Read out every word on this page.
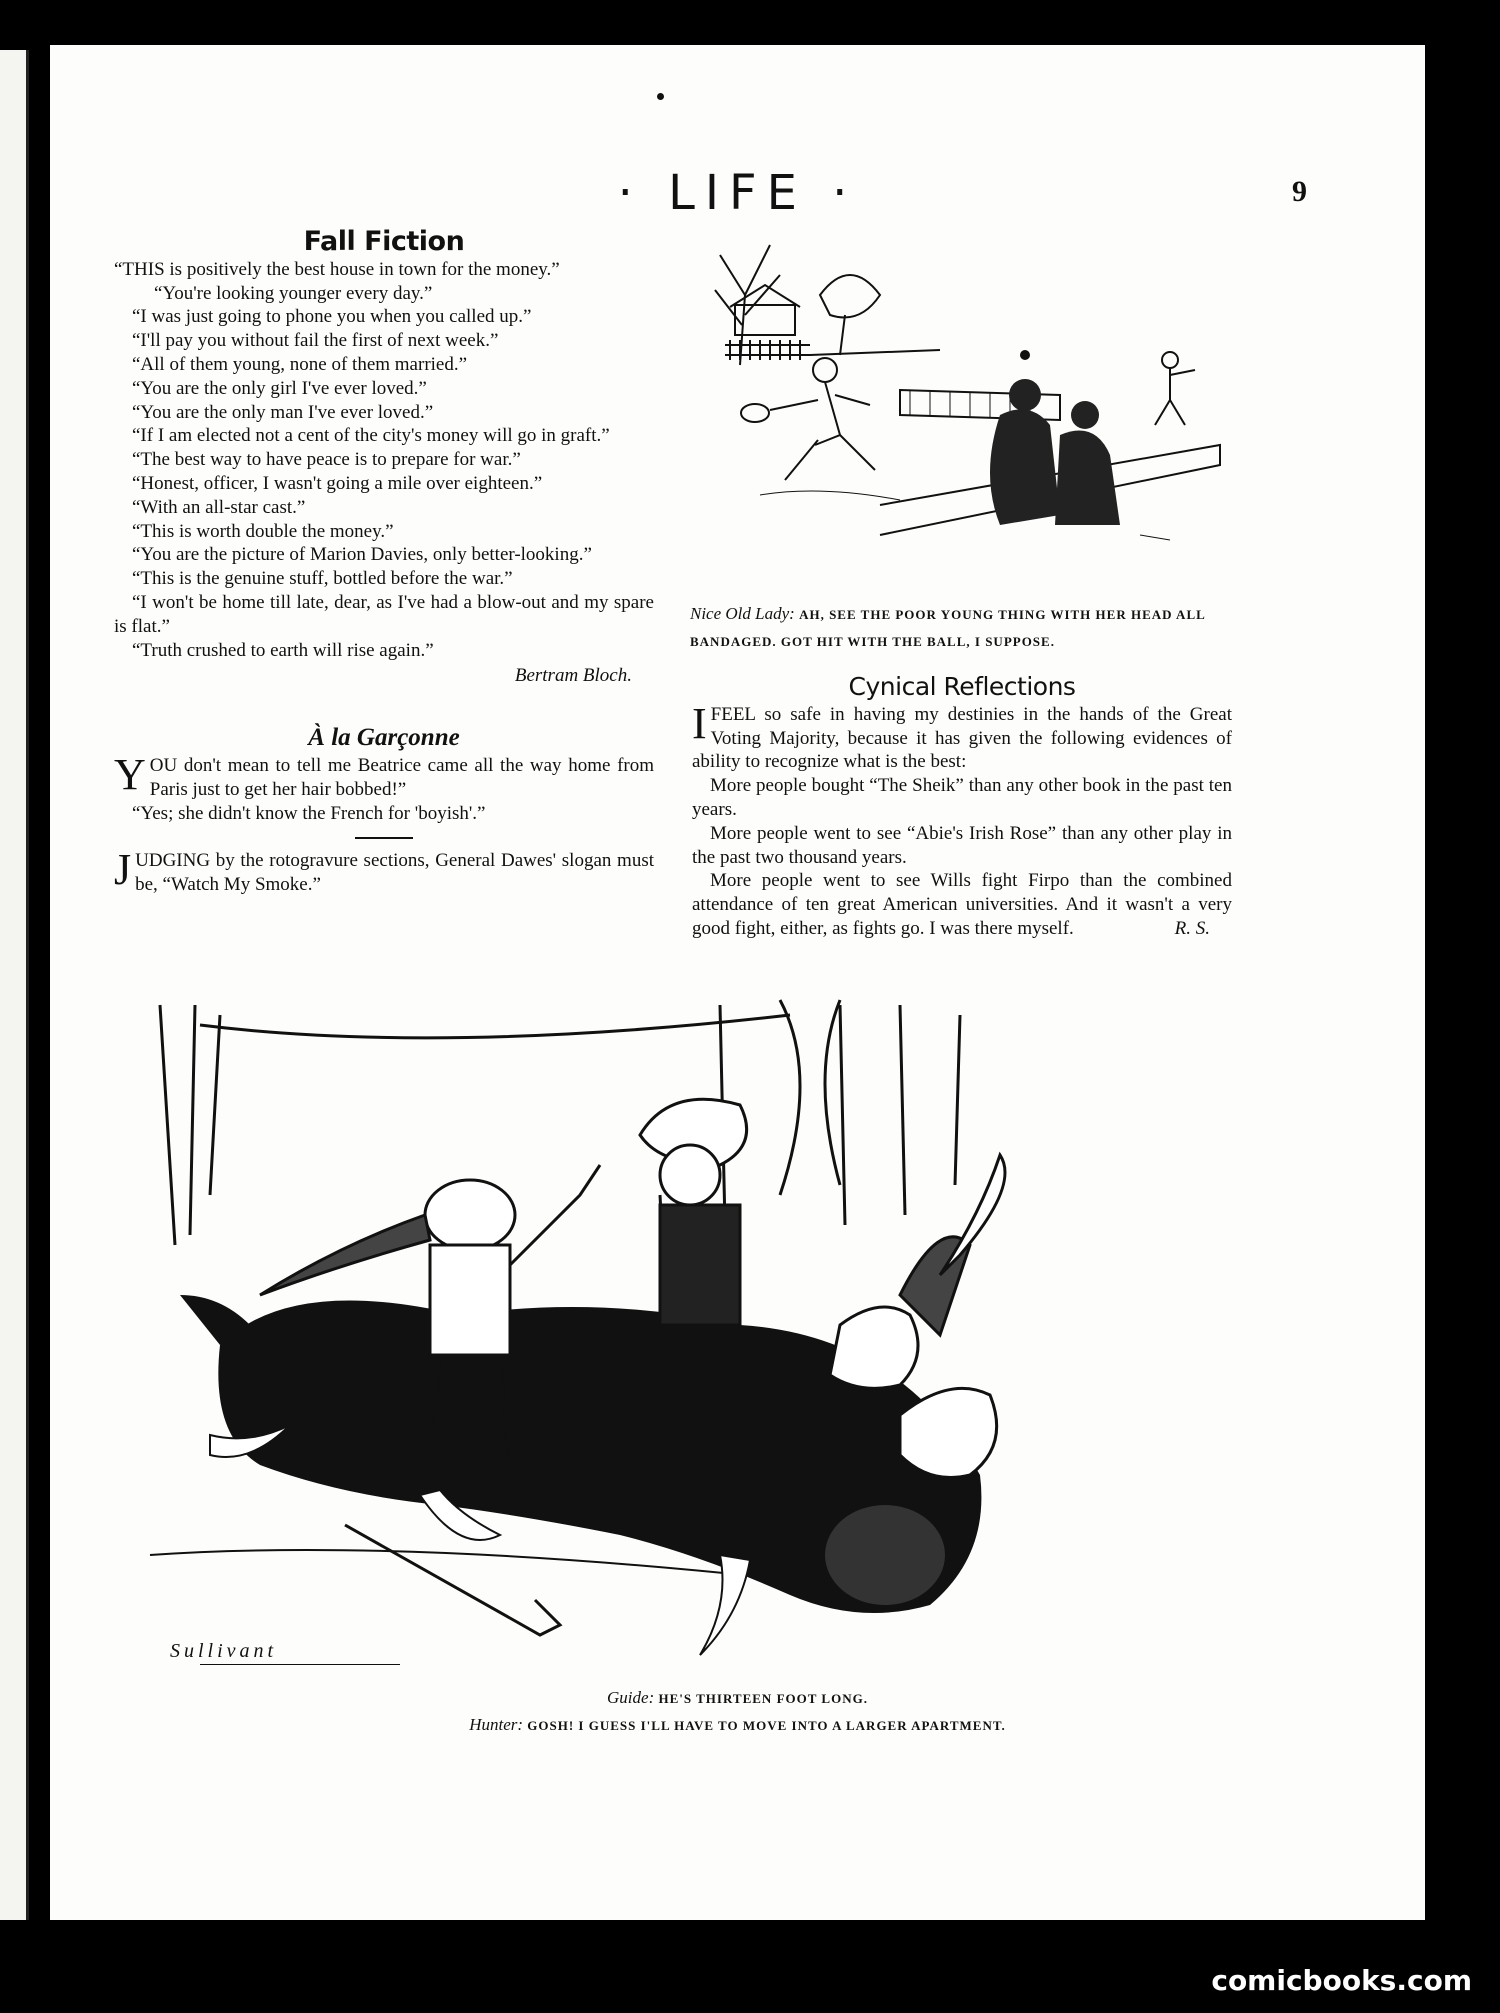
· LIFE ·	9
Fall Fiction

“THIS is positively the best house in town for the money.”

“You're looking younger every day.”

“I was just going to phone you when you called up.”

“I'll pay you without fail the first of next week.”

“All of them young, none of them married.”

“You are the only girl I've ever loved.”

“You are the only man I've ever loved.”

“If I am elected not a cent of the city's money will go in graft.”

“The best way to have peace is to prepare for war.”

“Honest, officer, I wasn't going a mile over eighteen.”

“With an all-star cast.”

“This is worth double the money.”

“You are the picture of Marion Davies, only better-looking.”

“This is the genuine stuff, bottled before the war.”

“I won't be home till late, dear, as I've had a blow-out and my spare is flat.”

“Truth crushed to earth will rise again.”

Bertram Bloch.

À la Garçonne

Y OU don't mean to tell me Beatrice came all the way home from Paris just to get her hair bobbed!”

“Yes; she didn't know the French for 'boyish'.”

J UDGING by the rotogravure sections, General Dawes' slogan must be, “Watch My Smoke.”

Nice Old Lady: AH, SEE THE POOR YOUNG THING WITH HER HEAD ALL BANDAGED. GOT HIT WITH THE BALL, I SUPPOSE.
Cynical Reflections

I FEEL so safe in having my destinies in the hands of the Great Voting Majority, because it has given the following evidences of ability to recognize what is the best:

More people bought “The Sheik” than any other book in the past ten years.

More people went to see “Abie's Irish Rose” than any other play in the past two thousand years.

More people went to see Wills fight Firpo than the combined attendance of ten great American universities. And it wasn't a very good fight, either, as fights go. I was there myself.	R. S.

Sullivant
Guide: HE'S THIRTEEN FOOT LONG.
Hunter: GOSH! I GUESS I'LL HAVE TO MOVE INTO A LARGER APARTMENT.
comicbooks.com
